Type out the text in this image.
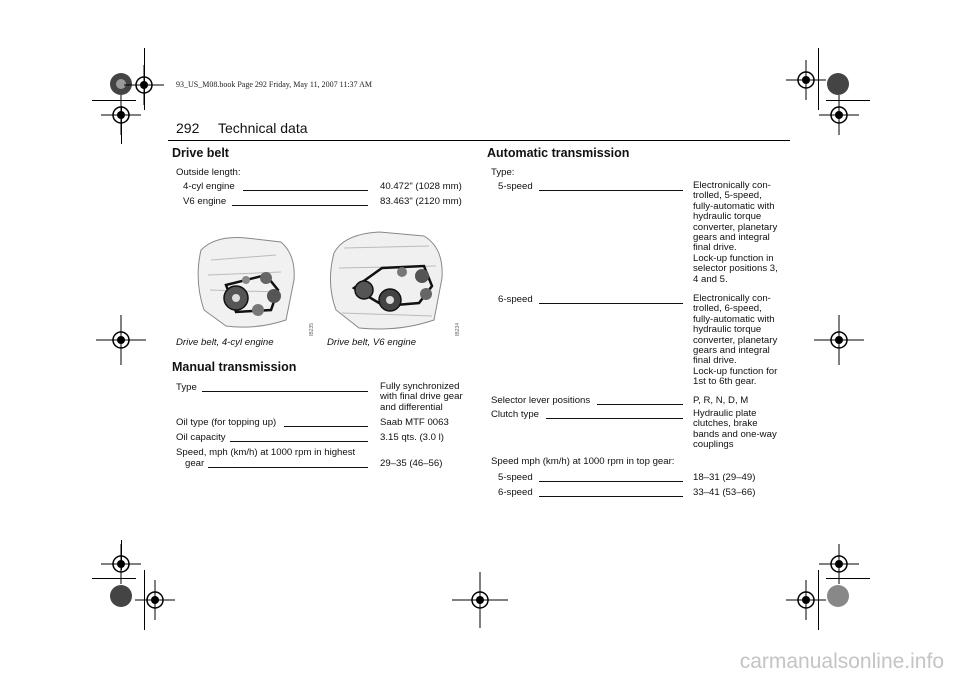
93_US_M08.book Page 292 Friday, May 11, 2007 11:37 AM
carmanualsonline.info
292 Technical data
Drive belt
Outside length:
4-cyl engine	40.472" (1028 mm)
V6 engine	83.463" (2120 mm)
IB235
Drive belt, 4-cyl engine
IB234
Drive belt, V6 engine
Manual transmission
Type	Fully synchronized
with final drive gear
and differential
Oil type (for topping up)	Saab MTF 0063
Oil capacity	3.15 qts. (3.0 l)
Speed, mph (km/h) at 1000 rpm in highest
gear	29–35 (46–56)
Automatic transmission
Type:
5-speed	Electronically con-
trolled, 5-speed,
fully-automatic with
hydraulic torque
converter, planetary
gears and integral
final drive.
Lock-up function in
selector positions 3,
4 and 5.
6-speed	Electronically con-
trolled, 6-speed,
fully-automatic with
hydraulic torque
converter, planetary
gears and integral
final drive.
Lock-up function for
1st to 6th gear.
Selector lever positions	P, R, N, D, M
Clutch type	Hydraulic plate
clutches, brake
bands and one-way
couplings
Speed mph (km/h) at 1000 rpm in top gear:
5-speed	18–31 (29–49)
6-speed	33–41 (53–66)
